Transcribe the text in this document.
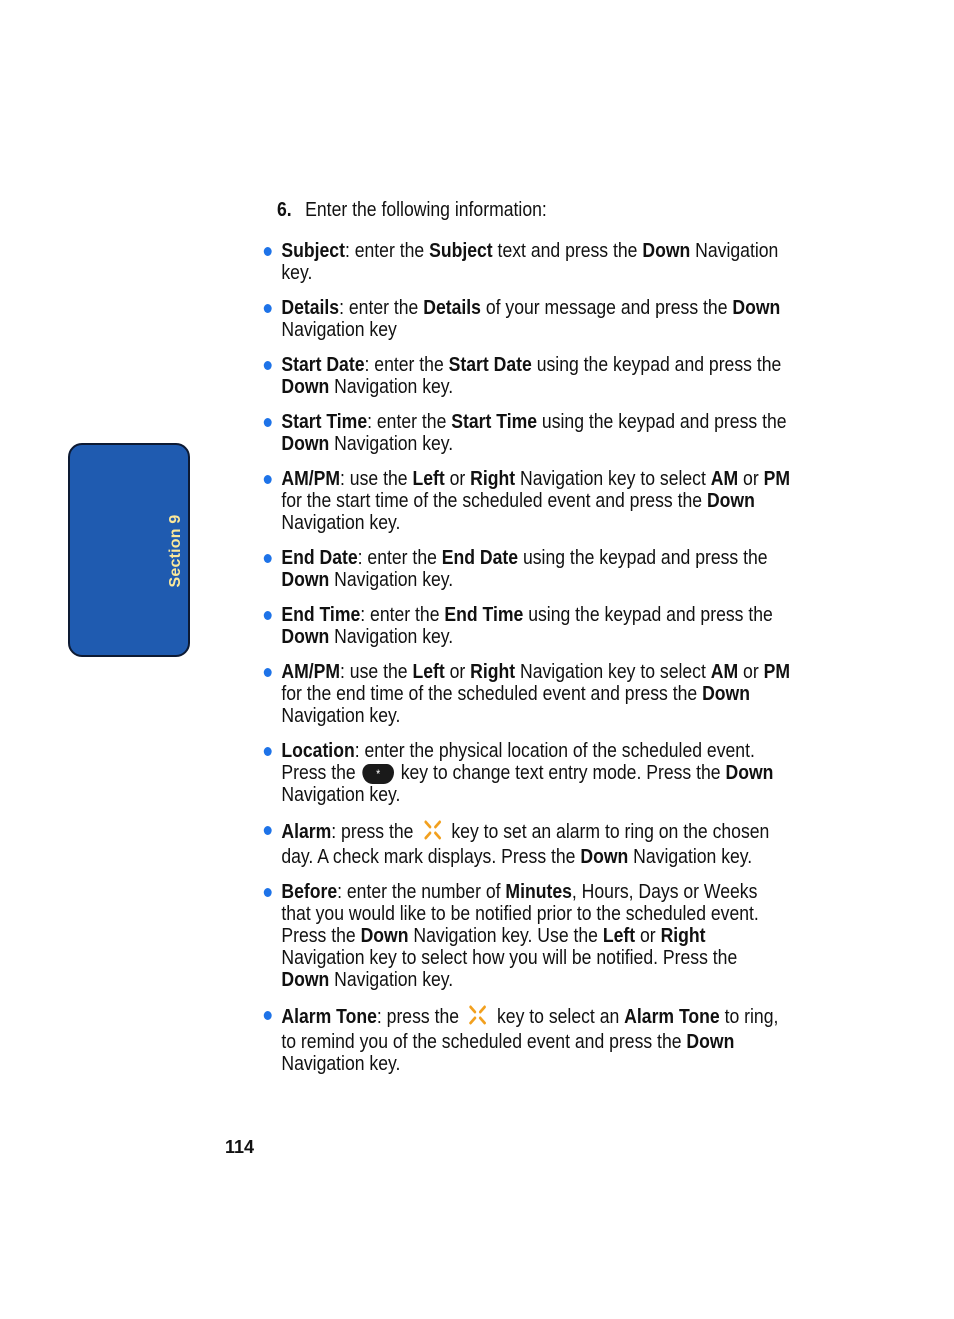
Section 9
6. Enter the following information:
Subject: enter the Subject text and press the Down Navigation key.
Details: enter the Details of your message and press the Down Navigation key
Start Date: enter the Start Date using the keypad and press the Down Navigation key.
Start Time: enter the Start Time using the keypad and press the Down Navigation key.
AM/PM: use the Left or Right Navigation key to select AM or PM for the start time of the scheduled event and press the Down Navigation key.
End Date: enter the End Date using the keypad and press the Down Navigation key.
End Time: enter the End Time using the keypad and press the Down Navigation key.
AM/PM: use the Left or Right Navigation key to select AM or PM for the end time of the scheduled event and press the Down Navigation key.
Location: enter the physical location of the scheduled event. Press the * key to change text entry mode. Press the Down Navigation key.
Alarm: press the  key to set an alarm to ring on the chosen day. A check mark displays. Press the Down Navigation key.
Before: enter the number of Minutes, Hours, Days or Weeks that you would like to be notified prior to the scheduled event. Press the Down Navigation key. Use the Left or Right Navigation key to select how you will be notified. Press the Down Navigation key.
Alarm Tone: press the  key to select an Alarm Tone to ring, to remind you of the scheduled event and press the Down Navigation key.
114
